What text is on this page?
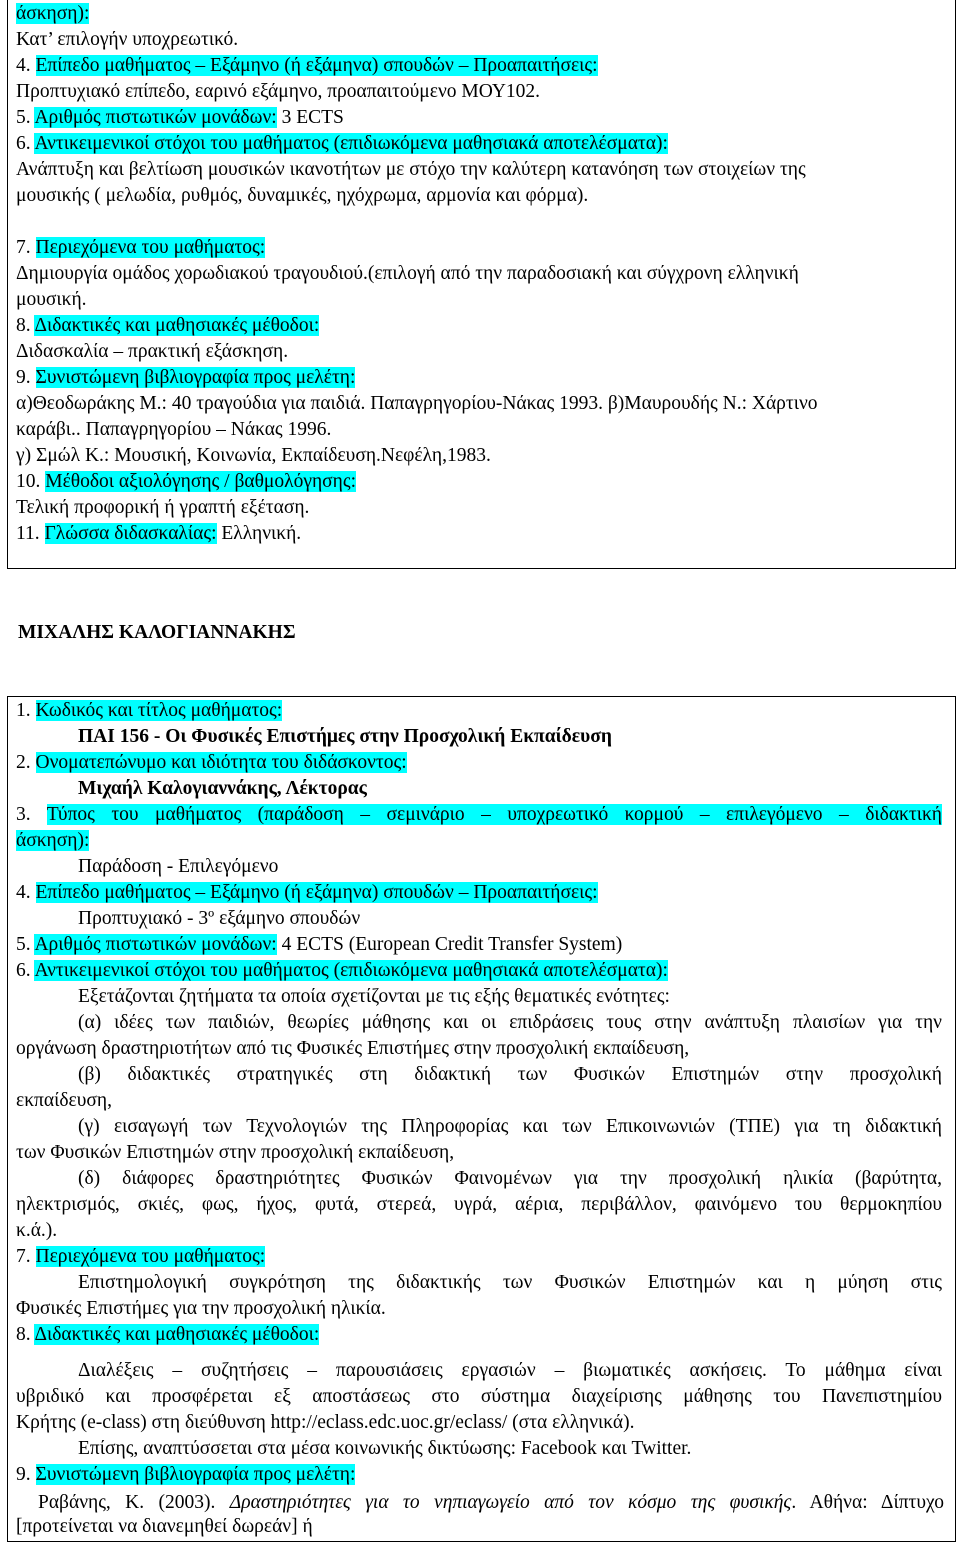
άσκηση):
Κατ’ επιλογήν υποχρεωτικό.
4. Επίπεδο μαθήματος – Εξάμηνο (ή εξάμηνα) σπουδών – Προαπαιτήσεις:
Προπτυχιακό επίπεδο, εαρινό εξάμηνο, προαπαιτούμενο ΜΟΥ102.
5. Αριθμός πιστωτικών μονάδων: 3 ECTS
6. Αντικειμενικοί στόχοι του μαθήματος (επιδιωκόμενα μαθησιακά αποτελέσματα):
Ανάπτυξη και βελτίωση μουσικών ικανοτήτων με στόχο την καλύτερη κατανόηση των στοιχείων της
μουσικής ( μελωδία, ρυθμός, δυναμικές, ηχόχρωμα, αρμονία και φόρμα).
7. Περιεχόμενα του μαθήματος:
Δημιουργία ομάδος χορωδιακού τραγουδιού.(επιλογή από την παραδοσιακή και σύγχρονη ελληνική
μουσική.
8. Διδακτικές και μαθησιακές μέθοδοι:
Διδασκαλία – πρακτική εξάσκηση.
9. Συνιστώμενη βιβλιογραφία προς μελέτη:
α)Θεοδωράκης Μ.: 40 τραγούδια για παιδιά. Παπαγρηγορίου-Νάκας 1993. β)Μαυρουδής Ν.: Χάρτινο
καράβι.. Παπαγρηγορίου – Νάκας 1996.
γ) Σμώλ Κ.: Μουσική, Κοινωνία, Εκπαίδευση.Νεφέλη,1983.
10. Μέθοδοι αξιολόγησης / βαθμολόγησης:
Τελική προφορική ή γραπτή εξέταση.
11. Γλώσσα διδασκαλίας: Ελληνική.
ΜΙΧΑΛΗΣ ΚΑΛΟΓΙΑΝΝΑΚΗΣ
1. Κωδικός και τίτλος μαθήματος:
ΠΑΙ 156 - Οι Φυσικές Επιστήμες στην Προσχολική Εκπαίδευση
2. Ονοματεπώνυμο και ιδιότητα του διδάσκοντος:
Μιχαήλ Καλογιαννάκης, Λέκτορας
3. Τύπος του μαθήματος (παράδοση – σεμινάριο – υποχρεωτικό κορμού – επιλεγόμενο – διδακτική
άσκηση):
Παράδοση - Επιλεγόμενο
4. Επίπεδο μαθήματος – Εξάμηνο (ή εξάμηνα) σπουδών – Προαπαιτήσεις:
Προπτυχιακό - 3º εξάμηνο σπουδών
5. Αριθμός πιστωτικών μονάδων: 4 ECTS (European Credit Transfer System)
6. Αντικειμενικοί στόχοι του μαθήματος (επιδιωκόμενα μαθησιακά αποτελέσματα):
Εξετάζονται ζητήματα τα οποία σχετίζονται με τις εξής θεματικές ενότητες:
(α) ιδέες των παιδιών, θεωρίες μάθησης και οι επιδράσεις τους στην ανάπτυξη πλαισίων για την
οργάνωση δραστηριοτήτων από τις Φυσικές Επιστήμες στην προσχολική εκπαίδευση,
(β) διδακτικές στρατηγικές στη διδακτική των Φυσικών Επιστημών στην προσχολική
εκπαίδευση,
(γ) εισαγωγή των Τεχνολογιών της Πληροφορίας και των Επικοινωνιών (ΤΠΕ) για τη διδακτική
των Φυσικών Επιστημών στην προσχολική εκπαίδευση,
(δ) διάφορες δραστηριότητες Φυσικών Φαινομένων για την προσχολική ηλικία (βαρύτητα,
ηλεκτρισμός, σκιές, φως, ήχος, φυτά, στερεά, υγρά, αέρια, περιβάλλον, φαινόμενο του θερμοκηπίου
κ.ά.).
7. Περιεχόμενα του μαθήματος:
Επιστημολογική συγκρότηση της διδακτικής των Φυσικών Επιστημών και η μύηση στις
Φυσικές Επιστήμες για την προσχολική ηλικία.
8. Διδακτικές και μαθησιακές μέθοδοι:
Διαλέξεις – συζητήσεις – παρουσιάσεις εργασιών – βιωματικές ασκήσεις. Το μάθημα είναι
υβριδικό και προσφέρεται εξ αποστάσεως στο σύστημα διαχείρισης μάθησης του Πανεπιστημίου
Κρήτης (e-class) στη διεύθυνση http://eclass.edc.uoc.gr/eclass/ (στα ελληνικά).
Επίσης, αναπτύσσεται στα μέσα κοινωνικής δικτύωσης: Facebook και Twitter.
9. Συνιστώμενη βιβλιογραφία προς μελέτη:
Ραβάνης, Κ. (2003). Δραστηριότητες για το νηπιαγωγείο από τον κόσμο της φυσικής. Αθήνα: Δίπτυχο
[προτείνεται να διανεμηθεί δωρεάν] ή
